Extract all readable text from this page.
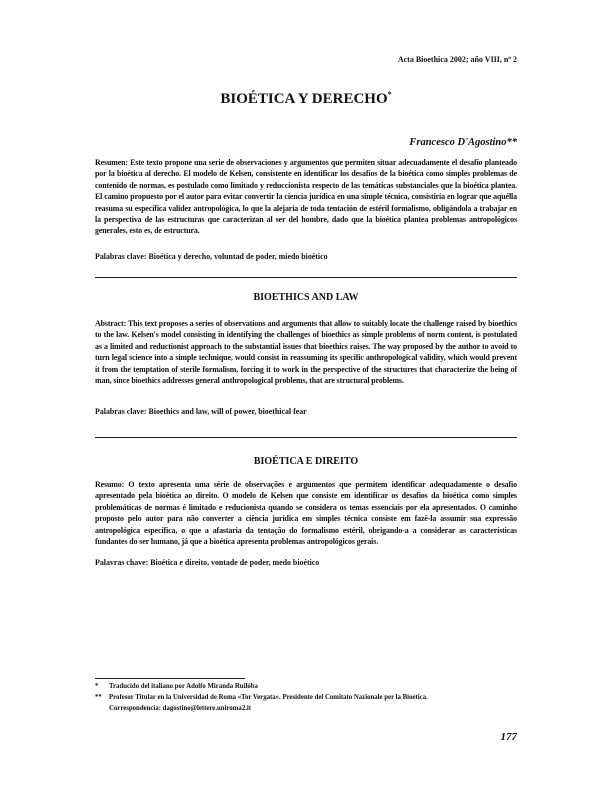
Acta Bioethica 2002; año VIII, nº 2
BIOÉTICA Y DERECHO*
Francesco D'Agostino**
Resumen: Este texto propone una serie de observaciones y argumentos que permiten situar adecuadamente el desafío planteado por la bioética al derecho. El modelo de Kelsen, consistente en identificar los desafíos de la bioética como simples problemas de contenido de normas, es postulado como limitado y reduccionista respecto de las temáticas substanciales que la bioética plantea. El camino propuesto por el autor para evitar convertir la ciencia jurídica en una simple técnica, consistiría en lograr que aquélla reasuma su específica validez antropológica, lo que la alejaría de toda tentación de estéril formalismo, obligándola a trabajar en la perspectiva de las estructuras que caracterizan al ser del hombre, dado que la bioética plantea problemas antropológicos generales, esto es, de estructura.
Palabras clave: Bioética y derecho, voluntad de poder, miedo bioético
BIOETHICS AND LAW
Abstract: This text proposes a series of observations and arguments that allow to suitably locate the challenge raised by bioethics to the law. Kelsen's model consisting in identifying the challenges of bioethics as simple problems of norm content, is postulated as a limited and reductionist approach to the substantial issues that bioethics raises. The way proposed by the author to avoid to turn legal science into a simple technique, would consist in reassuming its specific anthropological validity, which would prevent it from the temptation of sterile formalism, forcing it to work in the perspective of the structures that characterize the being of man, since bioethics addresses general anthropological problems, that are structural problems.
Palabras clave: Bioethics and law, will of power, bioethical fear
BIOÉTICA E DIREITO
Resumo: O texto apresenta uma série de observações e argumentos que permitem identificar adequadamente o desafio apresentado pela bioética ao direito. O modelo de Kelsen que consiste em identificar os desafios da bioética como simples problemáticas de normas é limitado e reducionista quando se considera os temas essenciais por ela apresentados. O caminho proposto pelo autor para não converter a ciência jurídica em simples técnica consiste em fazê-la assumir sua expressão antropológica específica, o que a afastaria da tentação do formalismo estéril, obrigando-a a considerar as características fundantes do ser humano, já que a bioética apresenta problemas antropológicos gerais.
Palavras chave: Bioética e direito, vontade de poder, medo bioético
* Traducido del italiano por Adolfo Miranda Ruilóba
** Profesor Titular en la Universidad de Roma «Tor Vergata». Presidente del Comitato Nazionale per la Bioetica.
Correspondencia: dagostino@lettere.uniroma2.it
177
